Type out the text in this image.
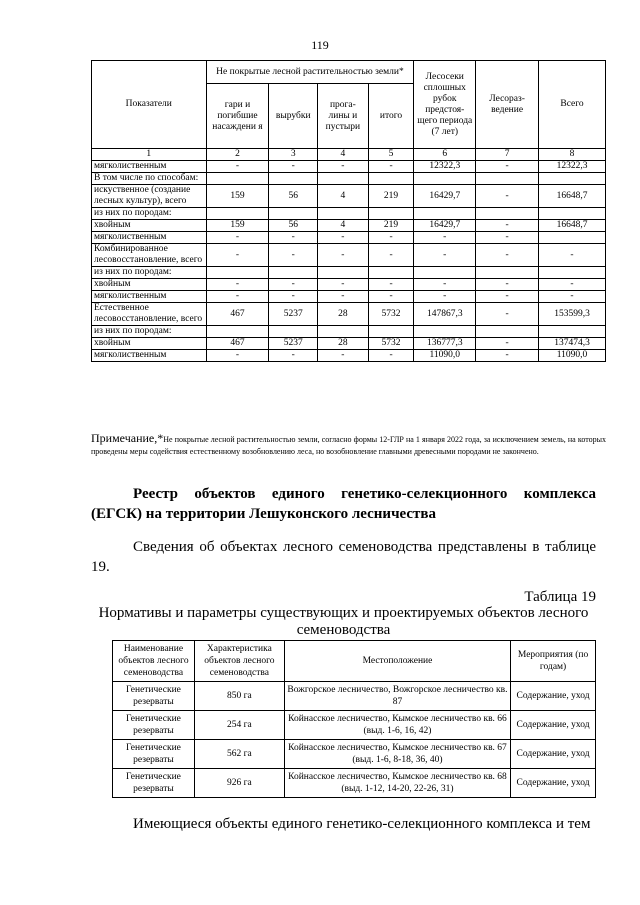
119
Показатели	Не покрытые лесной растительностью земли*				Лесосеки сплошных рубок предстоя- щего периода (7 лет)	Лесораз- ведение	Всего
	гари и погибшие насаждени я	вырубки	прога- лины и пустыри	итого			
1	2	3	4	5	6	7	8
мягколиственным	-	-	-	-	12322,3	-	12322,3
В том числе по способам:							
искуственное (создание лесных культур), всего	159	56	4	219	16429,7	-	16648,7
из них по породам:							
хвойным	159	56	4	219	16429,7	-	16648,7
мягколиственным	-	-	-	-	-	-	
Комбинированное лесовосстановление, всего	-	-	-	-	-	-	-
из них по породам:							
хвойным	-	-	-	-	-	-	-
мягколиственным	-	-	-	-	-	-	-
Естественное лесовосстановление, всего	467	5237	28	5732	147867,3	-	153599,3
из них по породам:							
хвойным	467	5237	28	5732	136777,3	-	137474,3
мягколиственным	-	-	-	-	11090,0	-	11090,0
Примечание,*Не покрытые лесной растительностью земли, согласно формы 12-ГЛР на 1 января 2022 года, за исключением земель, на которых проведены меры содействия естественному возобновлению леса, но возобновление главными древесными породами не закончено.
Реестр объектов единого генетико-селекционного комплекса (ЕГСК) на территории Лешуконского лесничества
Сведения об объектах лесного семеноводства представлены в таблице 19.
Таблица 19
Нормативы и параметры существующих и проектируемых объектов лесного семеноводства
Наименование объектов лесного семеноводства	Характеристика объектов лесного семеноводства	Местоположение	Мероприятия (по годам)
Генетические резерваты	850 га	Вожгорское лесничество, Вожгорское лесничество кв. 87	Содержание, уход
Генетические резерваты	254 га	Койнасское лесничество, Кымское лесничество кв. 66 (выд. 1-6, 16, 42)	Содержание, уход
Генетические резерваты	562 га	Койнасское лесничество, Кымское лесничество кв. 67 (выд. 1-6, 8-18, 36, 40)	Содержание, уход
Генетические резерваты	926 га	Койнасское лесничество, Кымское лесничество кв. 68 (выд. 1-12, 14-20, 22-26, 31)	Содержание, уход
Имеющиеся объекты единого генетико-селекционного комплекса и тем
